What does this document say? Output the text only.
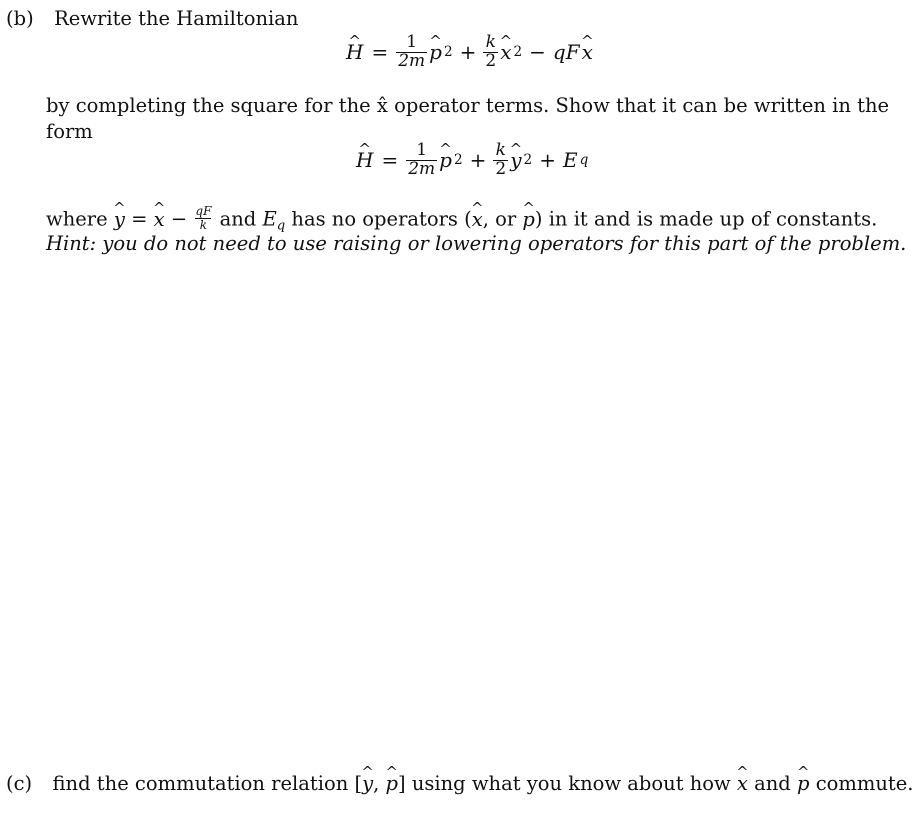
(b) Rewrite the Hamiltonian
^ $H = \frac{1}{2m}$ ^ p $2 + \frac{k}{2}$ ^ x 2 − qF ^ x
by completing the square for the x̂ operator terms. Show that it can be written in the
form
^ $H = \frac{1}{2m}$ ^ p $2 + \frac{k}{2}$ ^ y 2 + E q
where ^ y = ^ $x - \frac{qF}{k}$ and $E_q$ has no operators (^ x, or ^ p) in it and is made up of constants.
Hint: you do not need to use raising or lowering operators for this part of the problem.
(c) find the commutation relation [^ y, ^ p] using what you know about how ^ x and ^ p commute.
